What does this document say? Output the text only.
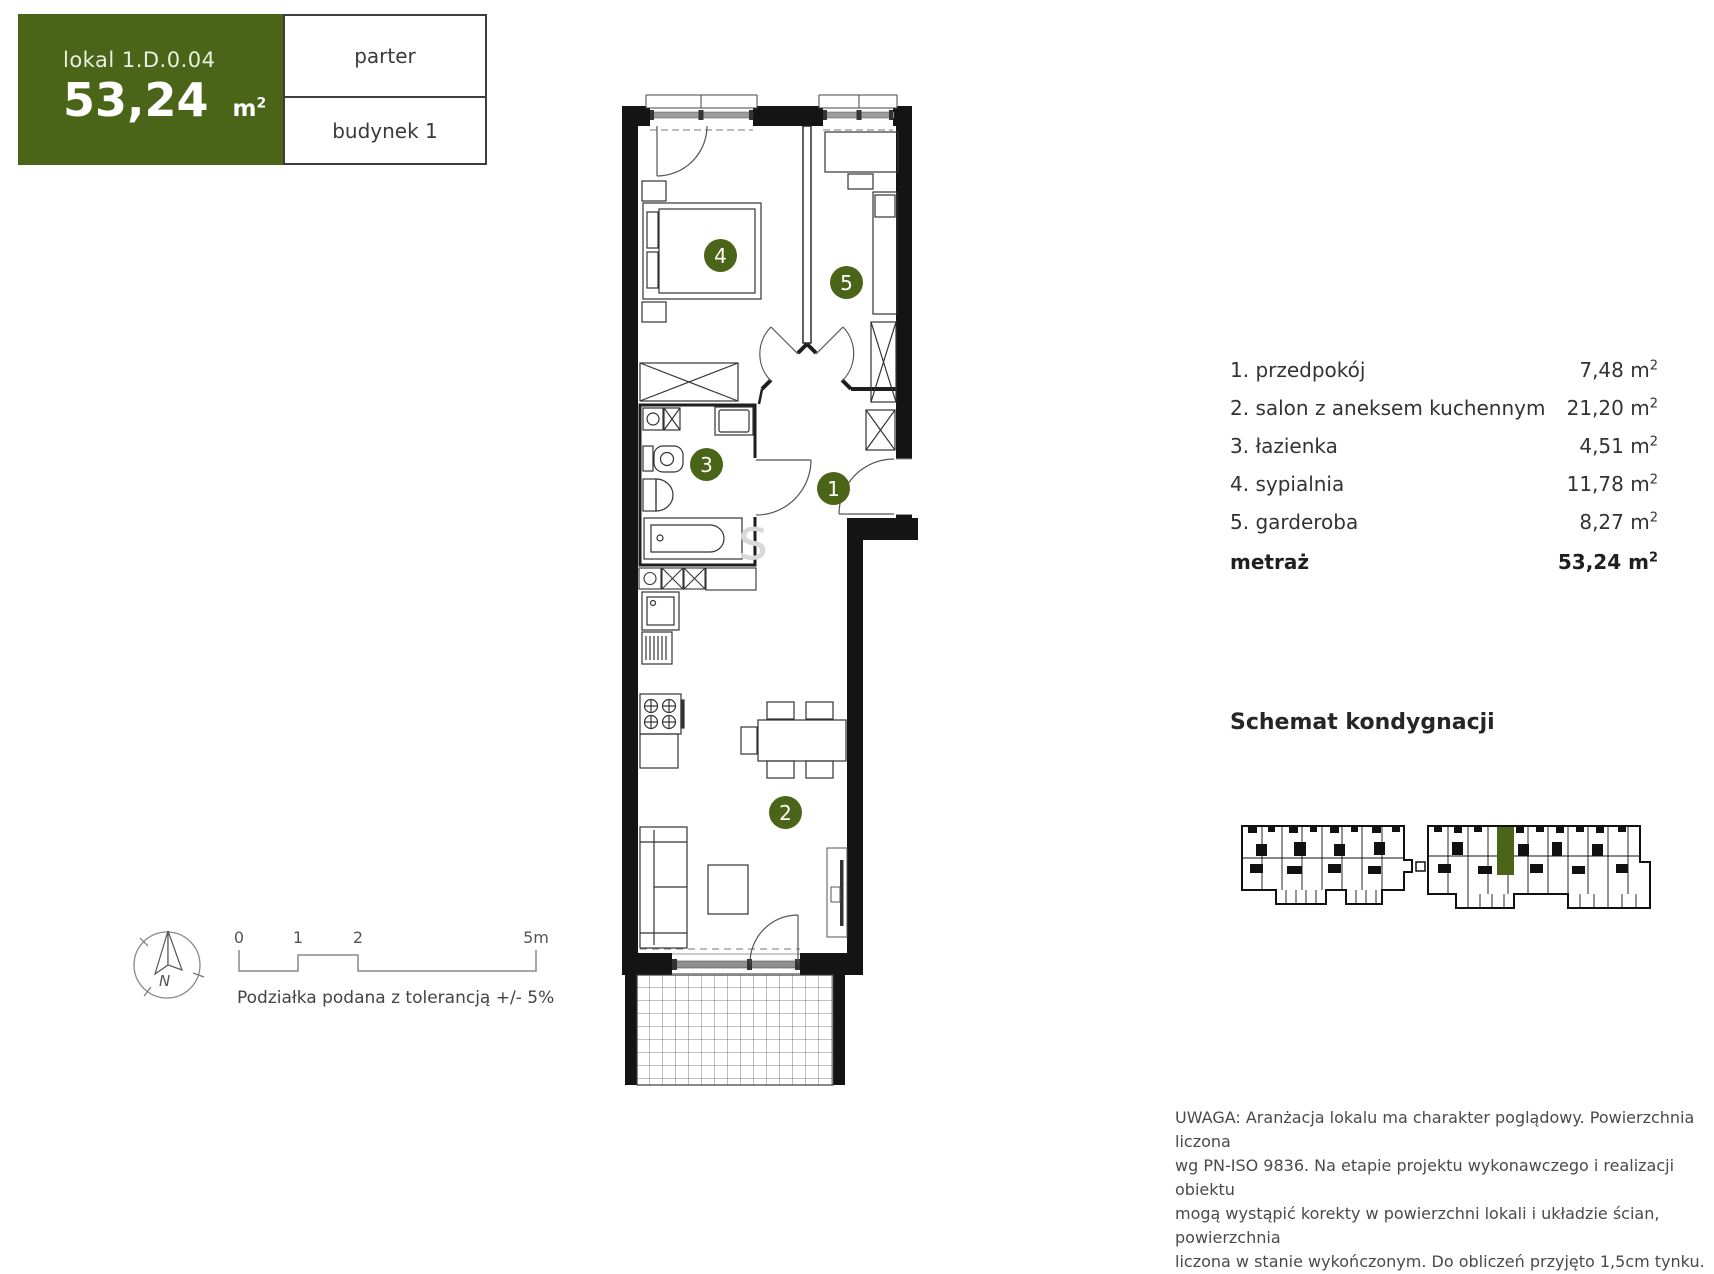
lokal 1.D.0.04
53,24 $m^2$
parter
budynek 1
1
2
3
4
5
s
1. przedpokój	7,48 $m^2$
2. salon z aneksem kuchennym 21,20 $m^2$
3. łazienka	4,51 $m^2$
4. sypialnia	11,78 $m^2$
5. garderoba	8,27 $m^2$
metraż	53,24 $m^2$
Schemat kondygnacji
N
0	1	2	5m
Podziałka podana z tolerancją +/- 5%
UWAGA: Aranżacja lokalu ma charakter poglądowy. Powierzchnia liczona
wg PN-ISO 9836. Na etapie projektu wykonawczego i realizacji obiektu
mogą wystąpić korekty w powierzchni lokali i układzie ścian, powierzchnia
liczona w stanie wykończonym. Do obliczeń przyjęto 1,5cm tynku.
